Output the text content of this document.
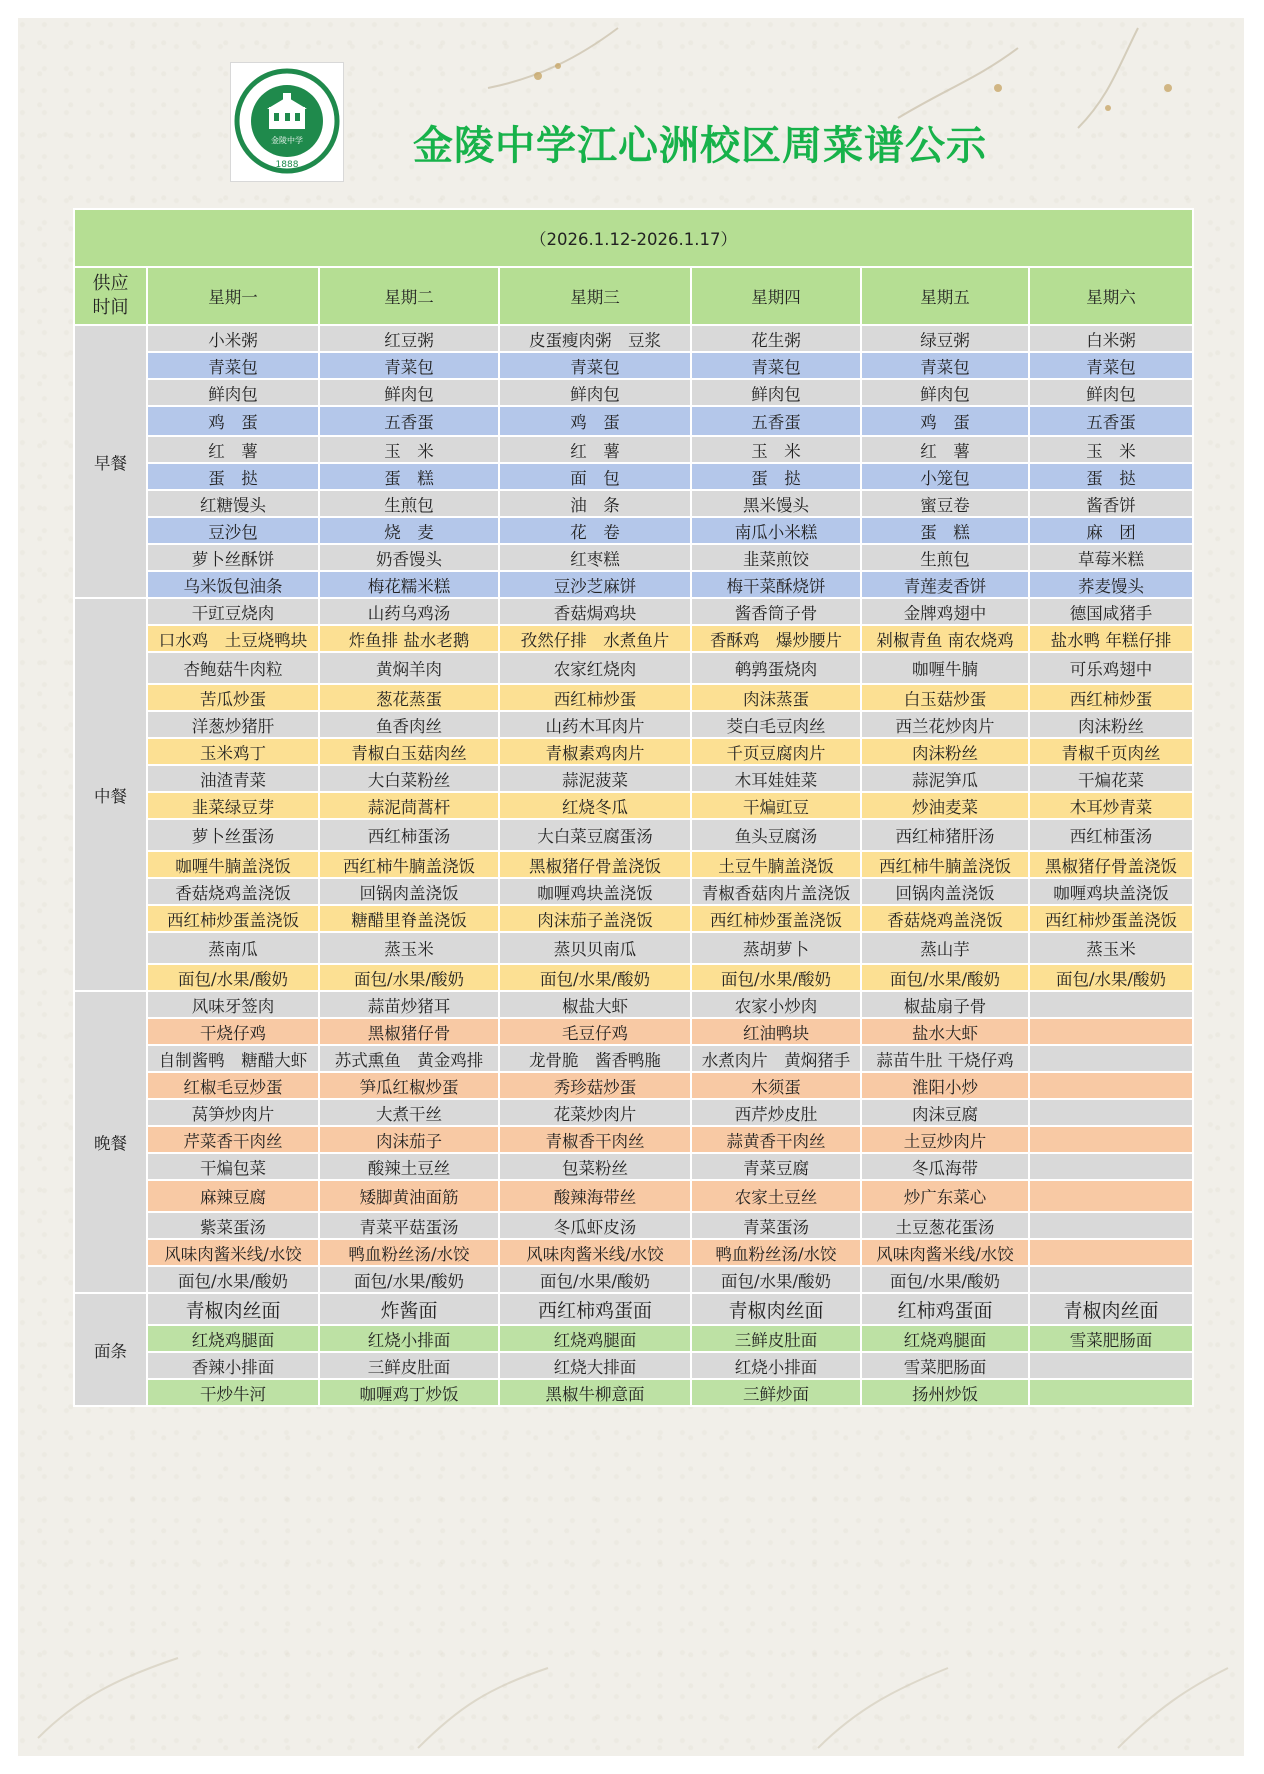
金陵中学
1888	金陵中学江心洲校区周菜谱公示
（2026.1.12-2026.1.17）						
供应
时间	星期一	星期二	星期三	星期四	星期五	星期六
早餐	小米粥	红豆粥	皮蛋瘦肉粥　豆浆	花生粥	绿豆粥	白米粥
	青菜包	青菜包	青菜包	青菜包	青菜包	青菜包
	鲜肉包	鲜肉包	鲜肉包	鲜肉包	鲜肉包	鲜肉包
	鸡　蛋	五香蛋	鸡　蛋	五香蛋	鸡　蛋	五香蛋
	红　薯	玉　米	红　薯	玉　米	红　薯	玉　米
	蛋　挞	蛋　糕	面　包	蛋　挞	小笼包	蛋　挞
	红糖馒头	生煎包	油　条	黑米馒头	蜜豆卷	酱香饼
	豆沙包	烧　麦	花　卷	南瓜小米糕	蛋　糕	麻　团
	萝卜丝酥饼	奶香馒头	红枣糕	韭菜煎饺	生煎包	草莓米糕
	乌米饭包油条	梅花糯米糕	豆沙芝麻饼	梅干菜酥烧饼	青莲麦香饼	荞麦馒头
中餐	干豇豆烧肉	山药乌鸡汤	香菇焗鸡块	酱香筒子骨	金牌鸡翅中	德国咸猪手
	口水鸡　土豆烧鸭块	炸鱼排 盐水老鹅	孜然仔排　水煮鱼片	香酥鸡　爆炒腰片	剁椒青鱼 南农烧鸡	盐水鸭 年糕仔排
	杏鲍菇牛肉粒	黄焖羊肉	农家红烧肉	鹌鹑蛋烧肉	咖喱牛腩	可乐鸡翅中
	苦瓜炒蛋	葱花蒸蛋	西红柿炒蛋	肉沫蒸蛋	白玉菇炒蛋	西红柿炒蛋
	洋葱炒猪肝	鱼香肉丝	山药木耳肉片	茭白毛豆肉丝	西兰花炒肉片	肉沫粉丝
	玉米鸡丁	青椒白玉菇肉丝	青椒素鸡肉片	千页豆腐肉片	肉沫粉丝	青椒千页肉丝
	油渣青菜	大白菜粉丝	蒜泥菠菜	木耳娃娃菜	蒜泥笋瓜	干煸花菜
	韭菜绿豆芽	蒜泥茼蒿杆	红烧冬瓜	干煸豇豆	炒油麦菜	木耳炒青菜
	萝卜丝蛋汤	西红柿蛋汤	大白菜豆腐蛋汤	鱼头豆腐汤	西红柿猪肝汤	西红柿蛋汤
	咖喱牛腩盖浇饭	西红柿牛腩盖浇饭	黑椒猪仔骨盖浇饭	土豆牛腩盖浇饭	西红柿牛腩盖浇饭	黑椒猪仔骨盖浇饭
	香菇烧鸡盖浇饭	回锅肉盖浇饭	咖喱鸡块盖浇饭	青椒香菇肉片盖浇饭	回锅肉盖浇饭	咖喱鸡块盖浇饭
	西红柿炒蛋盖浇饭	糖醋里脊盖浇饭	肉沫茄子盖浇饭	西红柿炒蛋盖浇饭	香菇烧鸡盖浇饭	西红柿炒蛋盖浇饭
	蒸南瓜	蒸玉米	蒸贝贝南瓜	蒸胡萝卜	蒸山芋	蒸玉米
	面包/水果/酸奶	面包/水果/酸奶	面包/水果/酸奶	面包/水果/酸奶	面包/水果/酸奶	面包/水果/酸奶
晚餐	风味牙签肉	蒜苗炒猪耳	椒盐大虾	农家小炒肉	椒盐扇子骨	
	干烧仔鸡	黑椒猪仔骨	毛豆仔鸡	红油鸭块	盐水大虾	
	自制酱鸭　糖醋大虾	苏式熏鱼　黄金鸡排	龙骨脆　酱香鸭胣	水煮肉片　黄焖猪手	蒜苗牛肚 干烧仔鸡	
	红椒毛豆炒蛋	笋瓜红椒炒蛋	秀珍菇炒蛋	木须蛋	淮阳小炒	
	莴笋炒肉片	大煮干丝	花菜炒肉片	西芹炒皮肚	肉沫豆腐	
	芹菜香干肉丝	肉沫茄子	青椒香干肉丝	蒜黄香干肉丝	土豆炒肉片	
	干煸包菜	酸辣土豆丝	包菜粉丝	青菜豆腐	冬瓜海带	
	麻辣豆腐	矮脚黄油面筋	酸辣海带丝	农家土豆丝	炒广东菜心	
	紫菜蛋汤	青菜平菇蛋汤	冬瓜虾皮汤	青菜蛋汤	土豆葱花蛋汤	
	风味肉酱米线/水饺	鸭血粉丝汤/水饺	风味肉酱米线/水饺	鸭血粉丝汤/水饺	风味肉酱米线/水饺	
	面包/水果/酸奶	面包/水果/酸奶	面包/水果/酸奶	面包/水果/酸奶	面包/水果/酸奶	
面条	青椒肉丝面	炸酱面	西红柿鸡蛋面	青椒肉丝面	红柿鸡蛋面	青椒肉丝面
	红烧鸡腿面	红烧小排面	红烧鸡腿面	三鲜皮肚面	红烧鸡腿面	雪菜肥肠面
	香辣小排面	三鲜皮肚面	红烧大排面	红烧小排面	雪菜肥肠面	
	干炒牛河	咖喱鸡丁炒饭	黑椒牛柳意面	三鲜炒面	扬州炒饭	
